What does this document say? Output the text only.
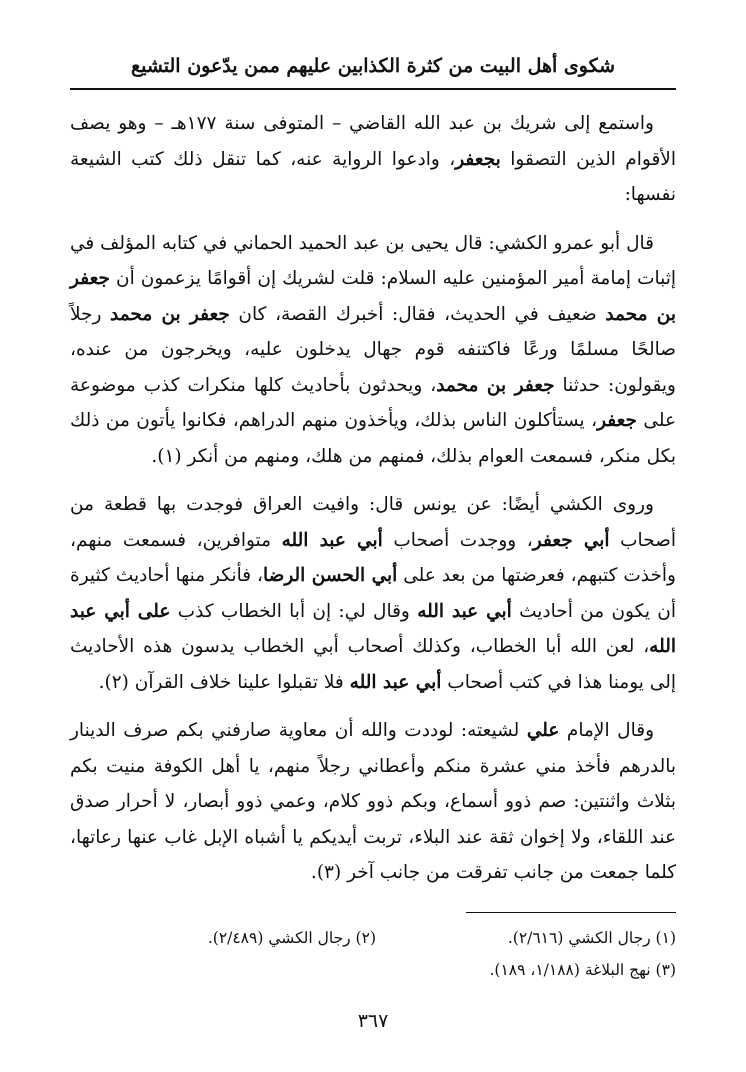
شكوى أهل البيت من كثرة الكذابين عليهم ممن يدّعون التشيع

واستمع إلى شريك بن عبد الله القاضي – المتوفى سنة ١٧٧هـ – وهو يصف الأقوام الذين التصقوا بجعفر، وادعوا الرواية عنه، كما تنقل ذلك كتب الشيعة نفسها:

قال أبو عمرو الكشي: قال يحيى بن عبد الحميد الحماني في كتابه المؤلف في إثبات إمامة أمير المؤمنين عليه السلام: قلت لشريك إن أقوامًا يزعمون أن جعفر بن محمد ضعيف في الحديث، فقال: أخبرك القصة، كان جعفر بن محمد رجلاً صالحًا مسلمًا ورعًا فاكتنفه قوم جهال يدخلون عليه، ويخرجون من عنده، ويقولون: حدثنا جعفر بن محمد، ويحدثون بأحاديث كلها منكرات كذب موضوعة على جعفر، يستأكلون الناس بذلك، ويأخذون منهم الدراهم، فكانوا يأتون من ذلك بكل منكر، فسمعت العوام بذلك، فمنهم من هلك، ومنهم من أنكر (١).

وروى الكشي أيضًا: عن يونس قال: وافيت العراق فوجدت بها قطعة من أصحاب أبي جعفر، ووجدت أصحاب أبي عبد الله متوافرين، فسمعت منهم، وأخذت كتبهم، فعرضتها من بعد على أبي الحسن الرضا، فأنكر منها أحاديث كثيرة أن يكون من أحاديث أبي عبد الله وقال لي: إن أبا الخطاب كذب على أبي عبد الله، لعن الله أبا الخطاب، وكذلك أصحاب أبي الخطاب يدسون هذه الأحاديث إلى يومنا هذا في كتب أصحاب أبي عبد الله فلا تقبلوا علينا خلاف القرآن (٢).

وقال الإمام علي لشيعته: لوددت والله أن معاوية صارفني بكم صرف الدينار بالدرهم فأخذ مني عشرة منكم وأعطاني رجلاً منهم، يا أهل الكوفة منيت بكم بثلاث واثنتين: صم ذوو أسماع، وبكم ذوو كلام، وعمي ذوو أبصار، لا أحرار صدق عند اللقاء، ولا إخوان ثقة عند البلاء، تربت أيديكم يا أشباه الإبل غاب عنها رعاتها، كلما جمعت من جانب تفرقت من جانب آخر (٣).

(١) رجال الكشي (٢/٦١٦).
(٢) رجال الكشي (٢/٤٨٩).
(٣) نهج البلاغة (١/١٨٨، ١٨٩).
٣٦٧
